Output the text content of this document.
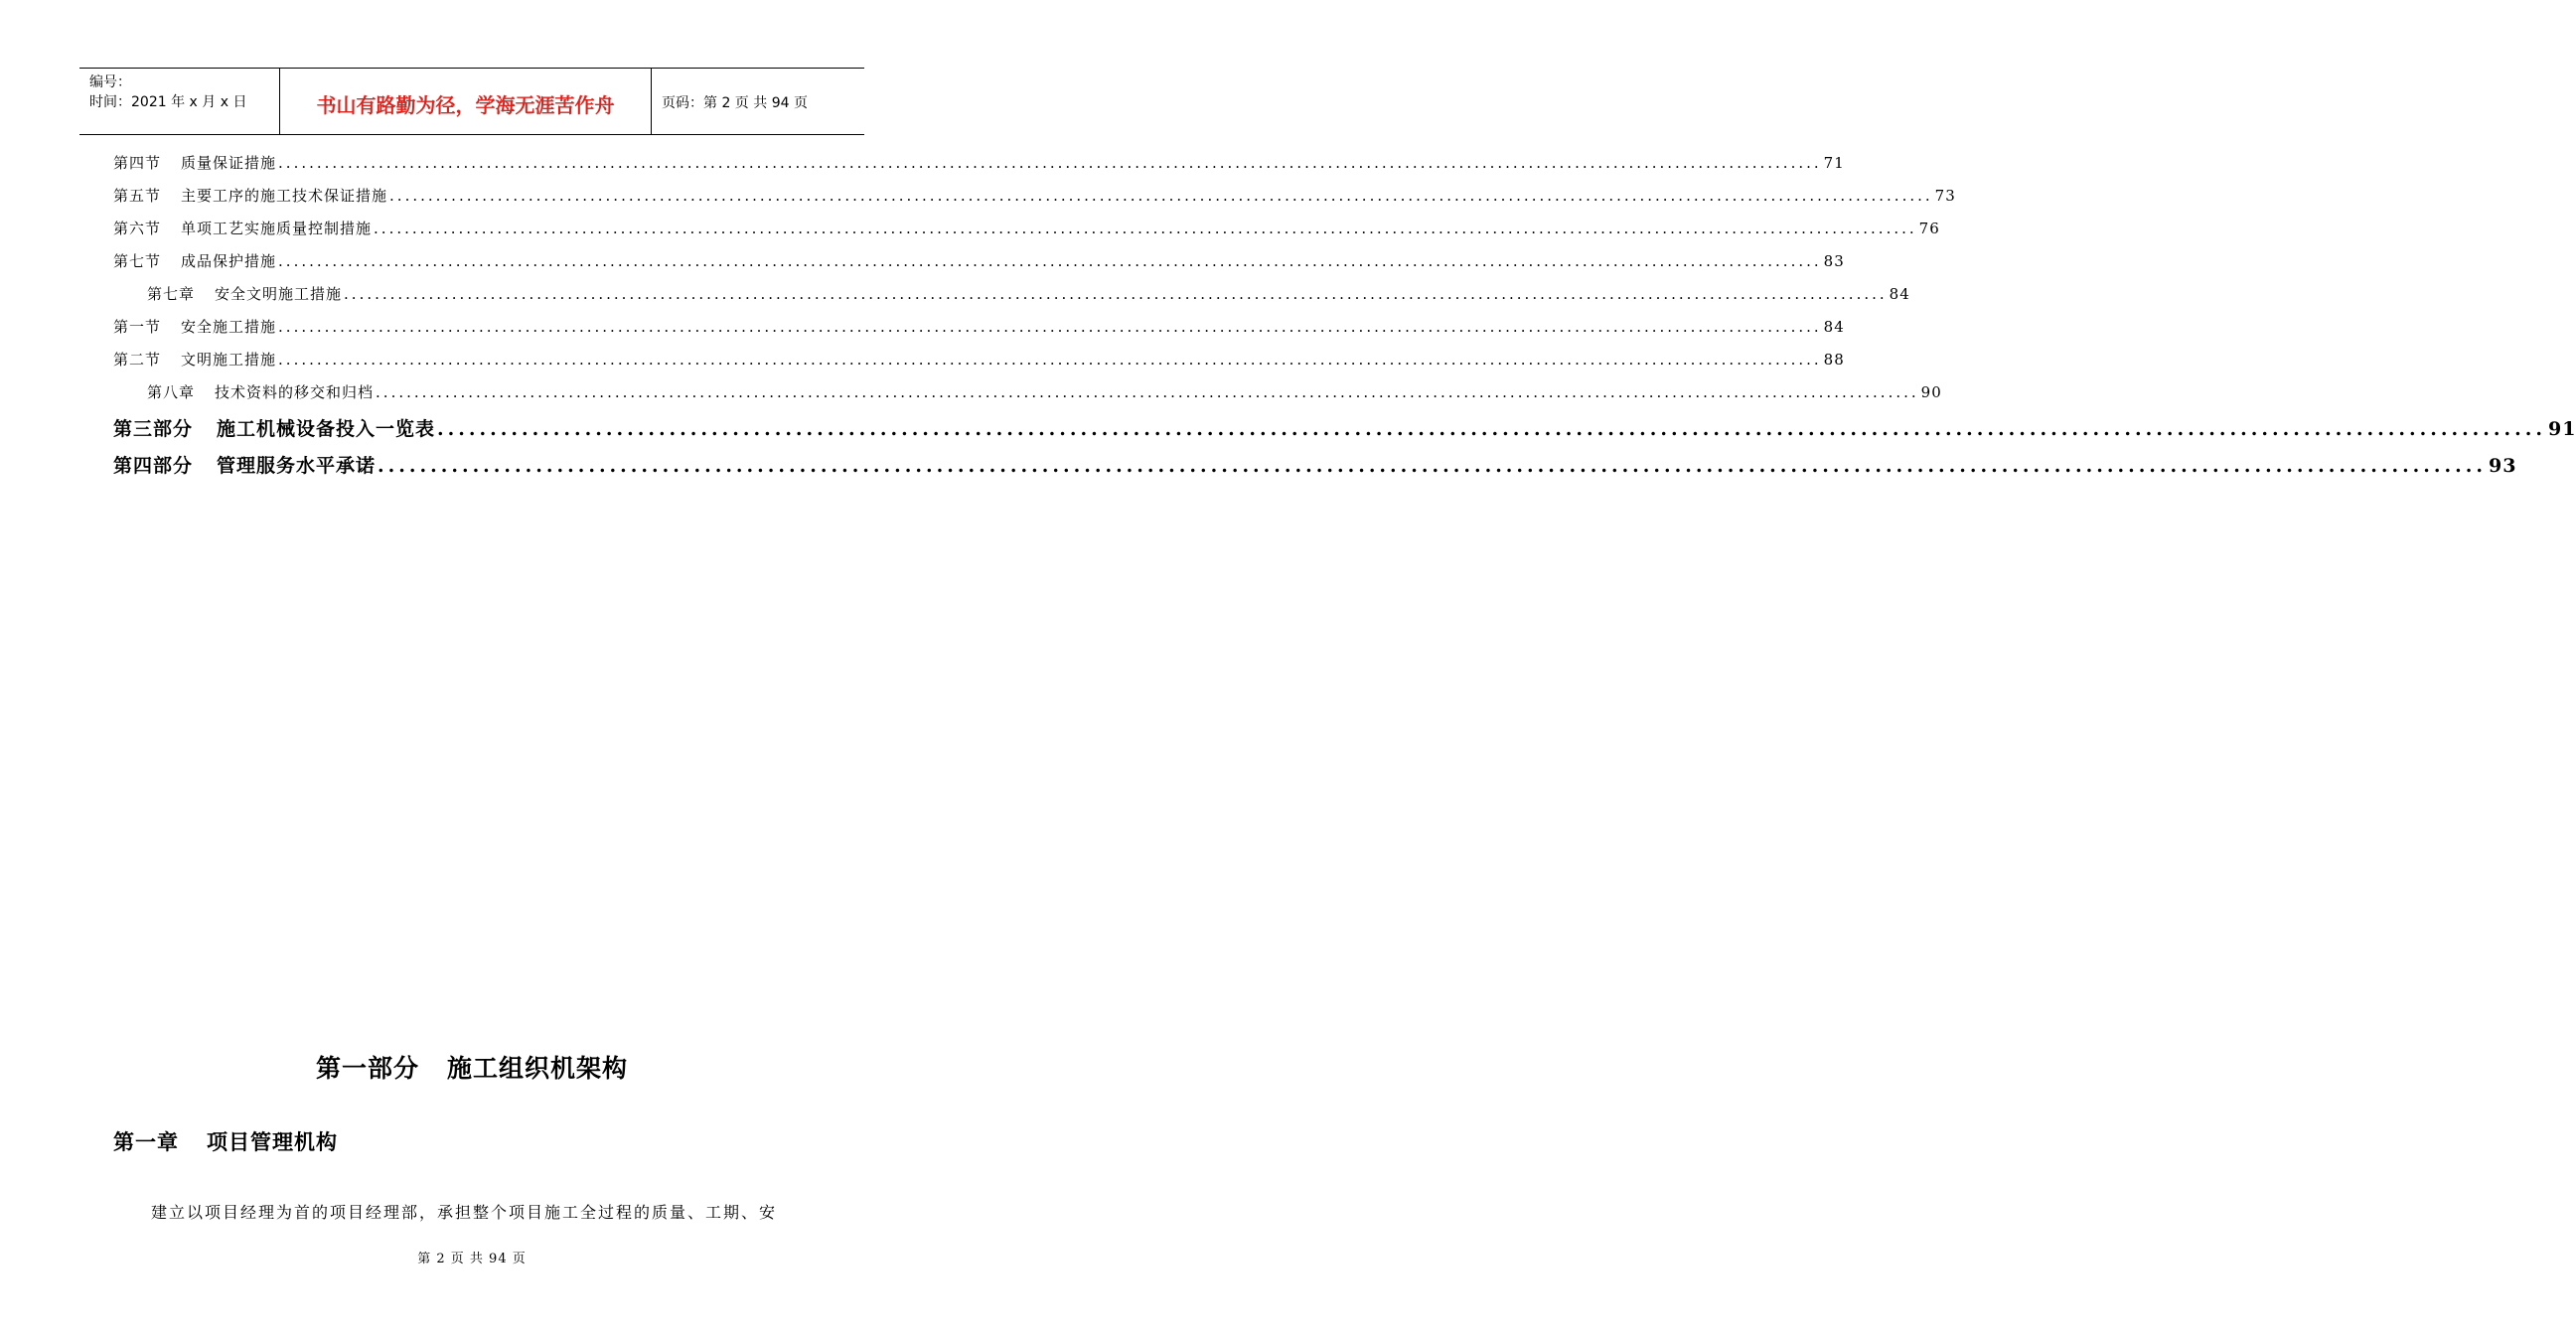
编号：
时间：2021 年 x 月 x 日	书山有路勤为径，学海无涯苦作舟	页码：第 2 页 共 94 页
第四节 质量保证措施 ........................................................................................................................................................................................................ 71
第五节 主要工序的施工技术保证措施 ........................................................................................................................................................................................................ 73
第六节 单项工艺实施质量控制措施 ........................................................................................................................................................................................................ 76
第七节 成品保护措施 ........................................................................................................................................................................................................ 83
第七章 安全文明施工措施 ........................................................................................................................................................................................................ 84
第一节 安全施工措施 ........................................................................................................................................................................................................ 84
第二节 文明施工措施 ........................................................................................................................................................................................................ 88
第八章 技术资料的移交和归档 ........................................................................................................................................................................................................ 90
第三部分 施工机械设备投入一览表 ........................................................................................................................................................................................................ 91
第四部分 管理服务水平承诺 ........................................................................................................................................................................................................ 93
第一部分 施工组织机架构
第一章 项目管理机构
建立以项目经理为首的项目经理部，承担整个项目施工全过程的质量、工期、安
第 2 页 共 94 页
